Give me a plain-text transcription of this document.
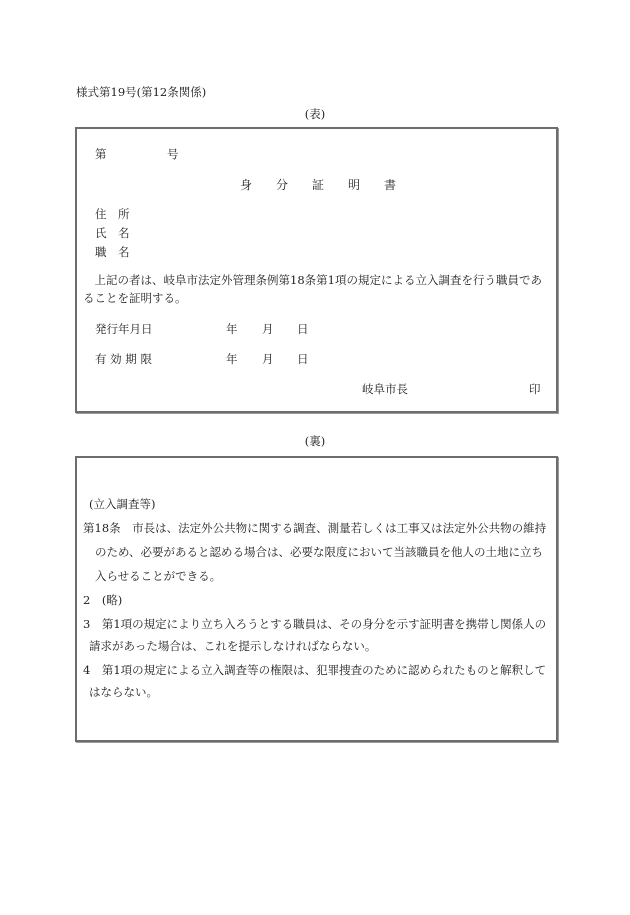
様式第19号(第12条関係)
(表)
第	号
身　　分　　証　　明　　書
住　所
氏　名
職　名
　上記の者は、岐阜市法定外管理条例第18条第1項の規定による立入調査を行う職員であ
ることを証明する。
発行年月日	年 月 日
有 効 期 限	年 月 日
岐阜市長	印
(裏)
(立入調査等)
第18条　市長は、法定外公共物に関する調査、測量若しくは工事又は法定外公共物の維持
のため、必要があると認める場合は、必要な限度において当該職員を他人の土地に立ち
入らせることができる。
2　(略)
3　第1項の規定により立ち入ろうとする職員は、その身分を示す証明書を携帯し関係人の
請求があった場合は、これを提示しなければならない。
4　第1項の規定による立入調査等の権限は、犯罪捜査のために認められたものと解釈して
はならない。
